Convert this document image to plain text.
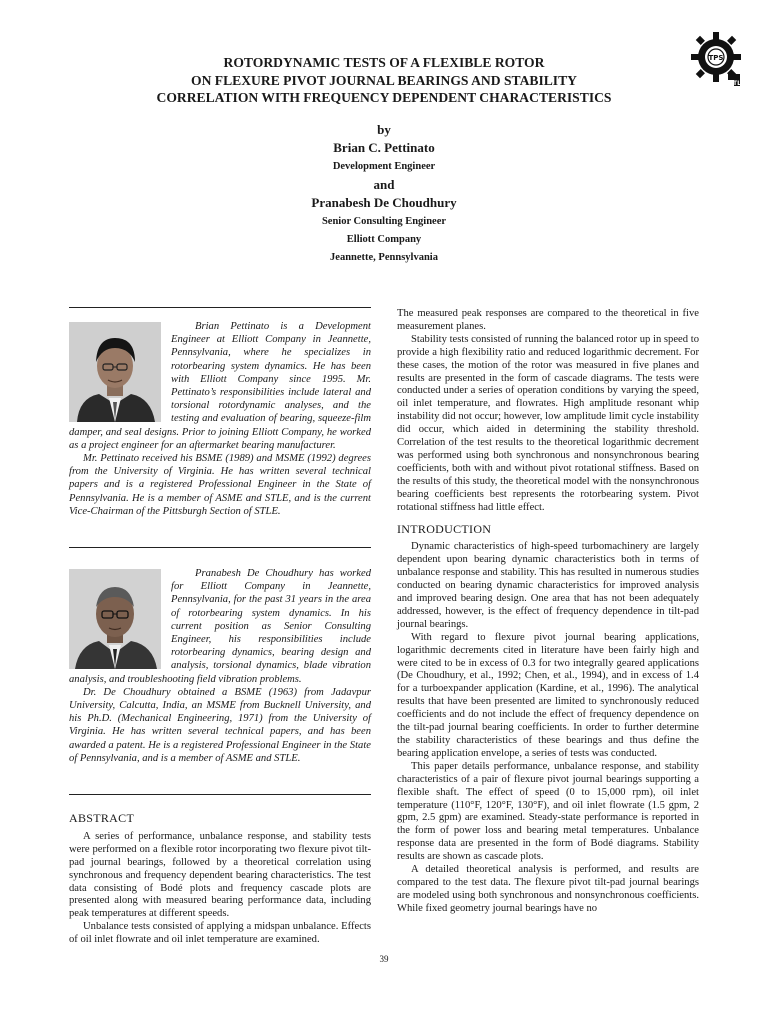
ROTORDYNAMIC TESTS OF A FLEXIBLE ROTOR
ON FLEXURE PIVOT JOURNAL BEARINGS AND STABILITY
CORRELATION WITH FREQUENCY DEPENDENT CHARACTERISTICS
TPS
TL
by
Brian C. Pettinato
Development Engineer
and
Pranabesh De Choudhury
Senior Consulting Engineer
Elliott Company
Jeannette, Pennsylvania

Brian Pettinato is a Development Engineer at Elliott Company in Jeannette, Pennsylvania, where he specializes in rotorbearing system dynamics. He has been with Elliott Company since 1995. Mr. Pettinato’s responsibilities include lateral and torsional rotordynamic analyses, and the testing and evaluation of bearing, squeeze-film damper, and seal designs. Prior to joining Elliott Company, he worked as a project engineer for an aftermarket bearing manufacturer.

Mr. Pettinato received his BSME (1989) and MSME (1992) degrees from the University of Virginia. He has written several technical papers and is a registered Professional Engineer in the State of Pennsylvania. He is a member of ASME and STLE, and is the current Vice-Chairman of the Pittsburgh Section of STLE.

Pranabesh De Choudhury has worked for Elliott Company in Jeannette, Pennsylvania, for the past 31 years in the area of rotorbearing system dynamics. In his current position as Senior Consulting Engineer, his responsibilities include rotorbearing dynamics, bearing design and analysis, torsional dynamics, blade vibration analysis, and troubleshooting field vibration problems.

Dr. De Choudhury obtained a BSME (1963) from Jadavpur University, Calcutta, India, an MSME from Bucknell University, and his Ph.D. (Mechanical Engineering, 1971) from the University of Virginia. He has written several technical papers, and has been awarded a patent. He is a registered Professional Engineer in the State of Pennsylvania, and is a member of ASME and STLE.

ABSTRACT

A series of performance, unbalance response, and stability tests were performed on a flexible rotor incorporating two flexure pivot tilt-pad journal bearings, followed by a theoretical correlation using synchronous and frequency dependent bearing characteristics. The test data consisting of Bodé plots and frequency cascade plots are presented along with measured bearing performance data, including peak temperatures at different speeds.

Unbalance tests consisted of applying a midspan unbalance. Effects of oil inlet flowrate and oil inlet temperature are examined.

The measured peak responses are compared to the theoretical in five measurement planes.

Stability tests consisted of running the balanced rotor up in speed to provide a high flexibility ratio and reduced logarithmic decrement. For these cases, the motion of the rotor was measured in five planes and results are presented in the form of cascade diagrams. The tests were conducted under a series of operation conditions by varying the speed, oil inlet temperature, and flowrates. High amplitude resonant whip instability did not occur; however, low amplitude limit cycle instability did occur, which aided in determining the stability threshold. Correlation of the test results to the theoretical logarithmic decrement was performed using both synchronous and nonsynchronous bearing coefficients, both with and without pivot rotational stiffness. Based on the results of this study, the theoretical model with the nonsynchronous bearing coefficients best represents the rotorbearing system. Pivot rotational stiffness had little effect.

INTRODUCTION

Dynamic characteristics of high-speed turbomachinery are largely dependent upon bearing dynamic characteristics both in terms of unbalance response and stability. This has resulted in numerous studies conducted on bearing dynamic characteristics for improved analysis and improved bearing design. One area that has not been adequately addressed, however, is the effect of frequency dependence in tilt-pad journal bearings.

With regard to flexure pivot journal bearing applications, logarithmic decrements cited in literature have been fairly high and were cited to be in excess of 0.3 for two integrally geared applications (De Choudhury, et al., 1992; Chen, et al., 1994), and in excess of 1.4 for a turboexpander application (Kardine, et al., 1996). The analytical results that have been presented are limited to synchronously reduced coefficients and do not include the effect of frequency dependence on the tilt-pad journal bearing coefficients. In order to further determine the stability characteristics of these bearings and thus define the bearing application envelope, a series of tests was conducted.

This paper details performance, unbalance response, and stability characteristics of a pair of flexure pivot journal bearings supporting a flexible shaft. The effect of speed (0 to 15,000 rpm), oil inlet temperature (110°F, 120°F, 130°F), and oil inlet flowrate (1.5 gpm, 2 gpm, 2.5 gpm) are examined. Steady-state performance is reported in the form of power loss and bearing metal temperatures. Unbalance response data are presented in the form of Bodé diagrams. Stability results are shown as cascade plots.

A detailed theoretical analysis is performed, and results are compared to the test data. The flexure pivot tilt-pad journal bearings are modeled using both synchronous and nonsynchronous coefficients. While fixed geometry journal bearings have no

39
